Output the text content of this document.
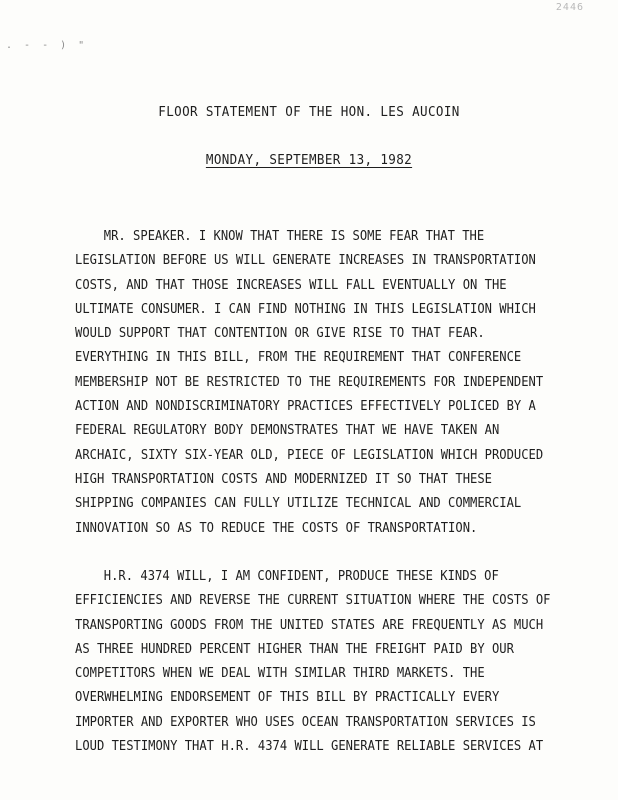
2446
. - - ) "
FLOOR STATEMENT OF THE HON. LES AUCOIN
MONDAY, SEPTEMBER 13, 1982
MR. SPEAKER. I KNOW THAT THERE IS SOME FEAR THAT THE
LEGISLATION BEFORE US WILL GENERATE INCREASES IN TRANSPORTATION
COSTS, AND THAT THOSE INCREASES WILL FALL EVENTUALLY ON THE
ULTIMATE CONSUMER. I CAN FIND NOTHING IN THIS LEGISLATION WHICH
WOULD SUPPORT THAT CONTENTION OR GIVE RISE TO THAT FEAR.
EVERYTHING IN THIS BILL, FROM THE REQUIREMENT THAT CONFERENCE
MEMBERSHIP NOT BE RESTRICTED TO THE REQUIREMENTS FOR INDEPENDENT
ACTION AND NONDISCRIMINATORY PRACTICES EFFECTIVELY POLICED BY A
FEDERAL REGULATORY BODY DEMONSTRATES THAT WE HAVE TAKEN AN
ARCHAIC, SIXTY SIX-YEAR OLD, PIECE OF LEGISLATION WHICH PRODUCED
HIGH TRANSPORTATION COSTS AND MODERNIZED IT SO THAT THESE
SHIPPING COMPANIES CAN FULLY UTILIZE TECHNICAL AND COMMERCIAL
INNOVATION SO AS TO REDUCE THE COSTS OF TRANSPORTATION.
H.R. 4374 WILL, I AM CONFIDENT, PRODUCE THESE KINDS OF
EFFICIENCIES AND REVERSE THE CURRENT SITUATION WHERE THE COSTS OF
TRANSPORTING GOODS FROM THE UNITED STATES ARE FREQUENTLY AS MUCH
AS THREE HUNDRED PERCENT HIGHER THAN THE FREIGHT PAID BY OUR
COMPETITORS WHEN WE DEAL WITH SIMILAR THIRD MARKETS. THE
OVERWHELMING ENDORSEMENT OF THIS BILL BY PRACTICALLY EVERY
IMPORTER AND EXPORTER WHO USES OCEAN TRANSPORTATION SERVICES IS
LOUD TESTIMONY THAT H.R. 4374 WILL GENERATE RELIABLE SERVICES AT
